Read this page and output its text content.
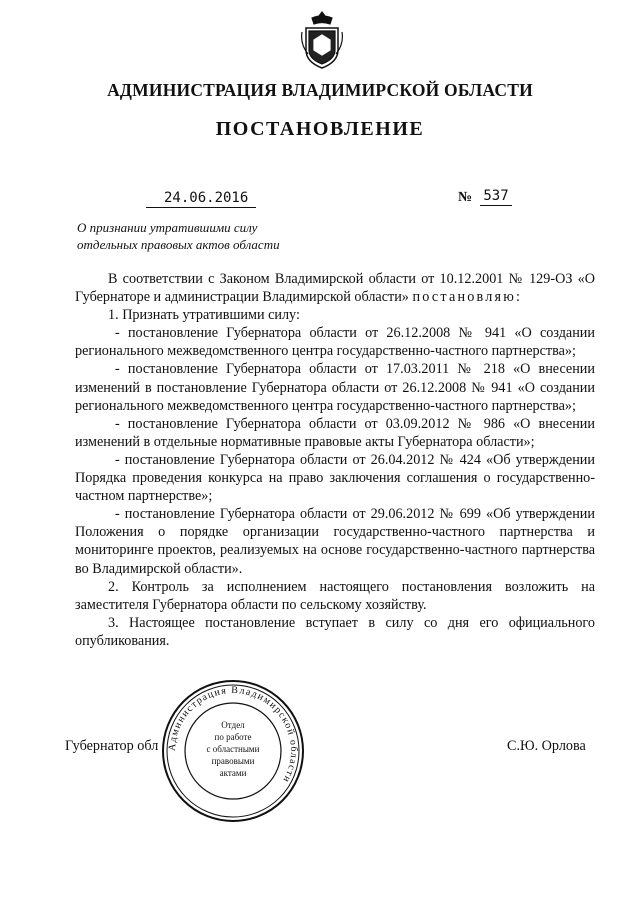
АДМИНИСТРАЦИЯ ВЛАДИМИРСКОЙ ОБЛАСТИ
ПОСТАНОВЛЕНИЕ
24.06.2016	№ 537
О признании утратившими силу
отдельных правовых актов области
В соответствии с Законом Владимирской области от 10.12.2001 № 129-ОЗ «О Губернаторе и администрации Владимирской области» постановляю:
1. Признать утратившими силу:
- постановление Губернатора области от 26.12.2008 № 941 «О создании регионального межведомственного центра государственно-частного партнерства»;
- постановление Губернатора области от 17.03.2011 № 218 «О внесении изменений в постановление Губернатора области от 26.12.2008 № 941 «О создании регионального межведомственного центра государственно-частного партнерства»;
- постановление Губернатора области от 03.09.2012 № 986 «О внесении изменений в отдельные нормативные правовые акты Губернатора области»;
- постановление Губернатора области от 26.04.2012 № 424 «Об утверждении Порядка проведения конкурса на право заключения соглашения о государственно-частном партнерстве»;
- постановление Губернатора области от 29.06.2012 № 699 «Об утверждении Положения о порядке организации государственно-частного партнерства и мониторинге проектов, реализуемых на основе государственно-частного партнерства во Владимирской области».
2. Контроль за исполнением настоящего постановления возложить на заместителя Губернатора области по сельскому хозяйству.
3. Настоящее постановление вступает в силу со дня его официального опубликования.
Губернатор обл	С.Ю. Орлова
Администрация Владимирской области
Отдел
по работе
с областными
правовыми
актами
